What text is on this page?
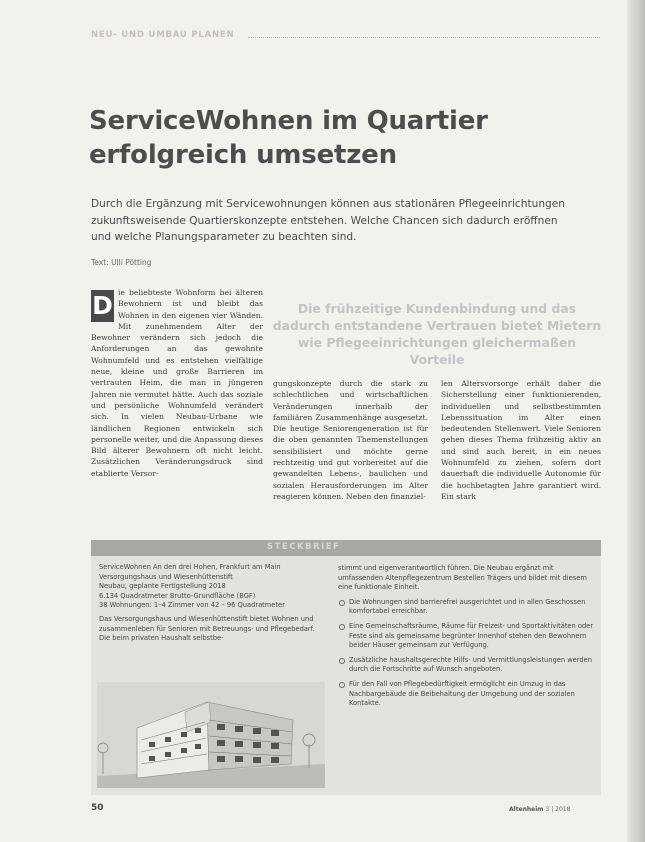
NEU- UND UMBAU PLANEN
ServiceWohnen im Quartier erfolgreich umsetzen

Durch die Ergänzung mit Servicewohnungen können aus stationären Pflegeeinrichtungen zukunftsweisende Quartierskonzepte entstehen. Welche Chancen sich dadurch eröffnen und welche Planungsparameter zu beachten sind.

Text: Ulli Pötting

D ie beliebteste Wohnform bei älteren Bewohnern ist und bleibt das Wohnen in den eigenen vier Wänden. Mit zunehmendem Alter der Bewohner verändern sich jedoch die Anforderungen an das gewohnte Wohnumfeld und es entstehen vielfältige neue, kleine und große Barrieren im vertrauten Heim, die man in jüngeren Jahren nie vermutet hätte. Auch das soziale und persönliche Wohnumfeld verändert sich. In vielen Neubau-Urbane wie ländlichen Regionen entwickeln sich personelle weiter, und die Anpassung dieses Bild älterer Bewohnern oft nicht leicht. Zusätzlichen Veränderungsdruck sind etablierte Versor-

Die frühzeitige Kundenbindung und das dadurch entstandene Vertrauen bietet Mietern wie Pflegeeinrichtungen gleichermaßen Vorteile

gungskonzepte durch die stark zu schlechtlichen und wirtschaftlichen Veränderungen innerhalb der familiären Zusammenhänge ausgesetzt. Die heutige Seniorengeneration ist für die oben genannten Themenstellungen sensibilisiert und möchte gerne rechtzeitig und gut vorbereitet auf die gewandelten Lebens-, baulichen und sozialen Herausforderungen im Alter reagieren können. Neben den finanziel-

len Altersvorsorge erhält daher die Sicherstellung einer funktionierenden, individuellen und selbstbestimmten Lebenssituation im Alter einen bedeutenden Stellenwert. Viele Senioren gehen dieses Thema frühzeitig aktiv an und sind auch bereit, in ein neues Wohnumfeld zu ziehen, sofern dort dauerhaft die individuelle Autonomie für die hochbetagten Jahre garantiert wird. Ein stark

STECKBRIEF

ServiceWohnen An den drei Hohen, Frankfurt am Main

Versorgungshaus und Wiesenhüttenstift

Neubau, geplante Fertigstellung 2018

6.134 Quadratmeter Brutto-Grundfläche (BGF)

38 Wohnungen: 1–4 Zimmer von 42 – 96 Quadratmeter

Das Versorgungshaus und Wiesenhüttenstift bietet Wohnen und zusammenleben für Senioren mit Betreuungs- und Pflegebedarf. Die beim privaten Haushalt selbstbe-

stimmt und eigenverantwortlich führen. Die Neubau ergänzt mit umfassenden Altenpflegezentrum Bestellen Trägers und bildet mit diesem eine funktionale Einheit.

Die Wohnungen sind barrierefrei ausgerichtet und in allen Geschossen komfortabel erreichbar.
Eine Gemeinschaftsräume, Räume für Freizeit- und Sportaktivitäten oder Feste sind als gemeinsame begrünter Innenhof stehen den Bewohnern beider Häuser gemeinsam zur Verfügung.
Zusätzliche haushaltsgerechte Hilfs- und Vermittlungsleistungen werden durch die Fortschritte auf Wunsch angeboten.
Für den Fall von Pflegebedürftigkeit ermöglicht ein Umzug in das Nachbargebäude die Beibehaltung der Umgebung und der sozialen Kontakte.
50	Altenheim 3 | 2018
